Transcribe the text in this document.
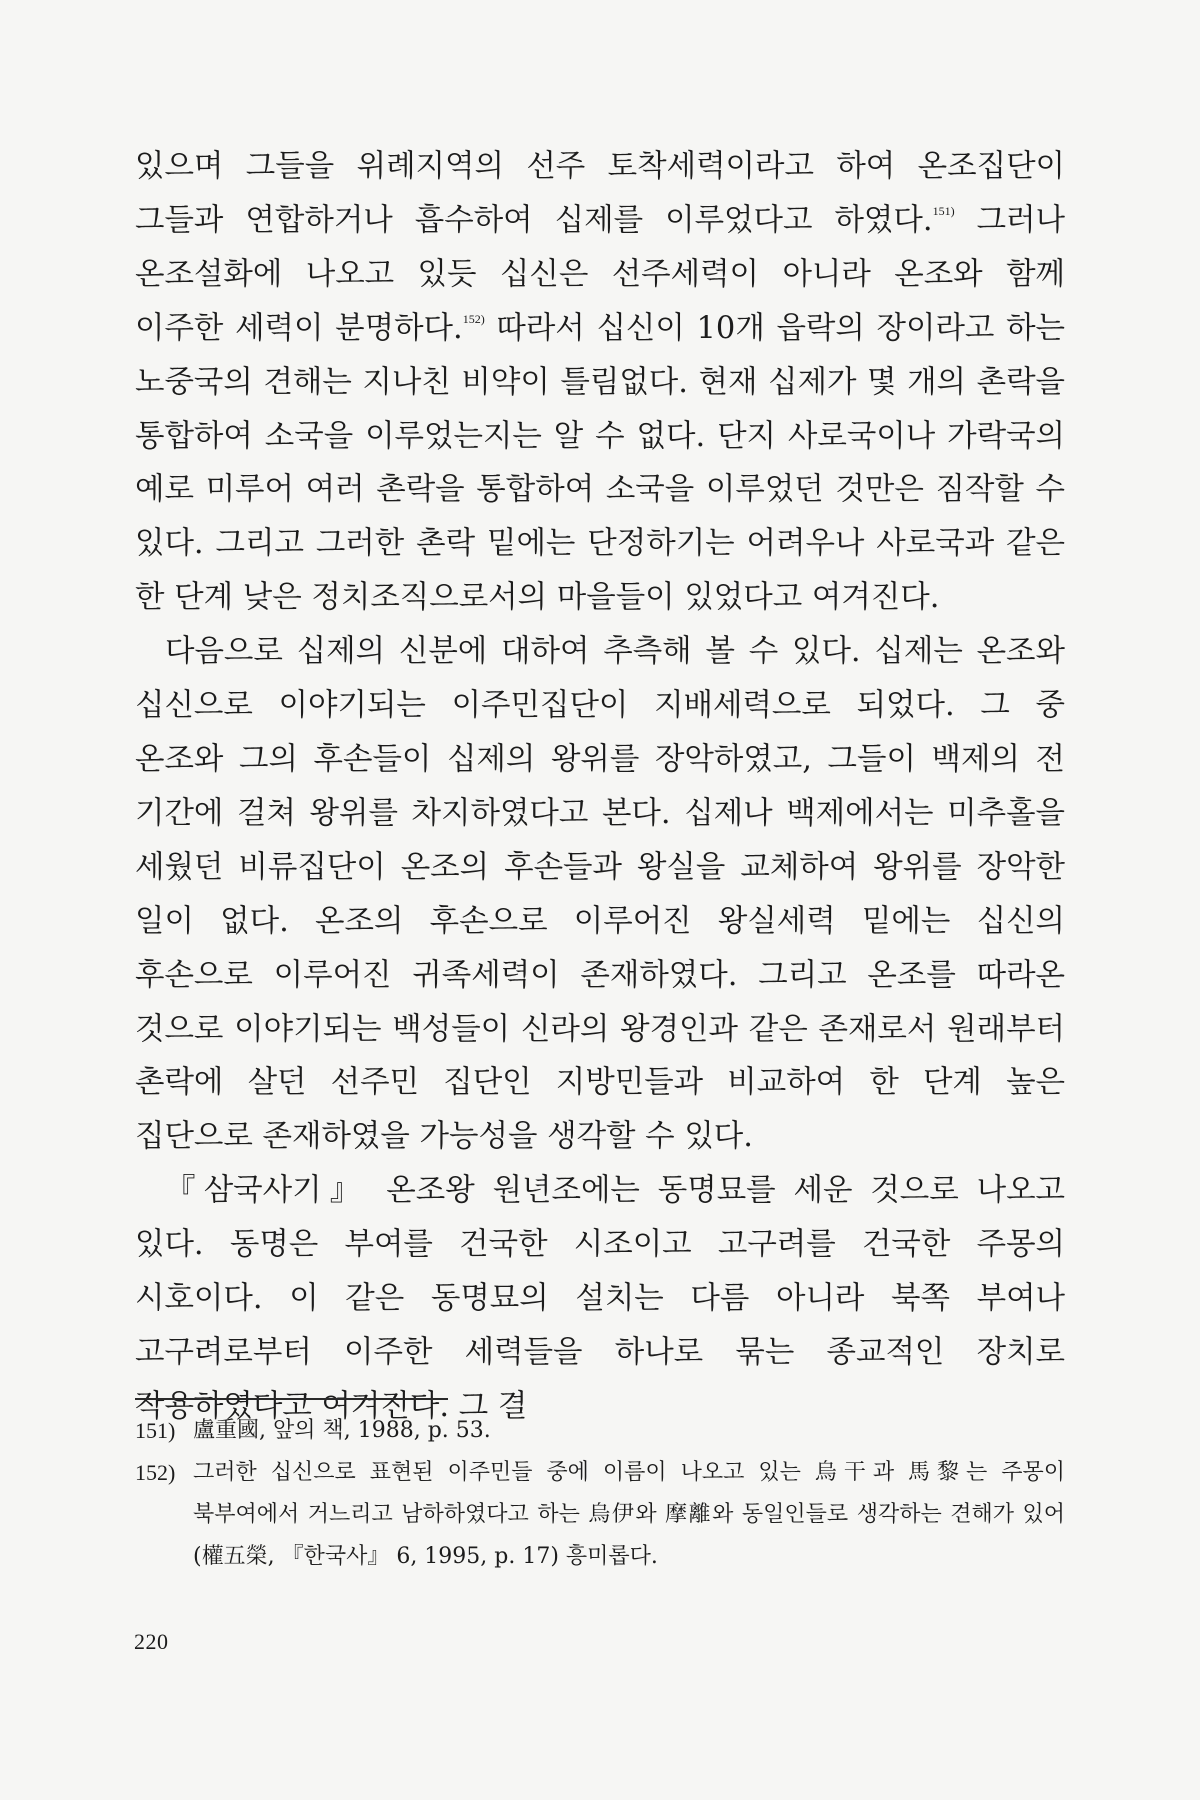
있으며 그들을 위례지역의 선주 토착세력이라고 하여 온조집단이 그들과 연합하거나 흡수하여 십제를 이루었다고 하였다.$^{151)}$ 그러나 온조설화에 나오고 있듯 십신은 선주세력이 아니라 온조와 함께 이주한 세력이 분명하다.$^{152)}$ 따라서 십신이 10개 읍락의 장이라고 하는 노중국의 견해는 지나친 비약이 틀림없다. 현재 십제가 몇 개의 촌락을 통합하여 소국을 이루었는지는 알 수 없다. 단지 사로국이나 가락국의 예로 미루어 여러 촌락을 통합하여 소국을 이루었던 것만은 짐작할 수 있다. 그리고 그러한 촌락 밑에는 단정하기는 어려우나 사로국과 같은 한 단계 낮은 정치조직으로서의 마을들이 있었다고 여겨진다.

다음으로 십제의 신분에 대하여 추측해 볼 수 있다. 십제는 온조와 십신으로 이야기되는 이주민집단이 지배세력으로 되었다. 그 중 온조와 그의 후손들이 십제의 왕위를 장악하였고, 그들이 백제의 전 기간에 걸쳐 왕위를 차지하였다고 본다. 십제나 백제에서는 미추홀을 세웠던 비류집단이 온조의 후손들과 왕실을 교체하여 왕위를 장악한 일이 없다. 온조의 후손으로 이루어진 왕실세력 밑에는 십신의 후손으로 이루어진 귀족세력이 존재하였다. 그리고 온조를 따라온 것으로 이야기되는 백성들이 신라의 왕경인과 같은 존재로서 원래부터 촌락에 살던 선주민 집단인 지방민들과 비교하여 한 단계 높은 집단으로 존재하였을 가능성을 생각할 수 있다.

『삼국사기』 온조왕 원년조에는 동명묘를 세운 것으로 나오고 있다. 동명은 부여를 건국한 시조이고 고구려를 건국한 주몽의 시호이다. 이 같은 동명묘의 설치는 다름 아니라 북쪽 부여나 고구려로부터 이주한 세력들을 하나로 묶는 종교적인 장치로 작용하였다고 여겨진다. 그 결

151) 盧重國, 앞의 책, 1988, p. 53.
152) 그러한 십신으로 표현된 이주민들 중에 이름이 나오고 있는 烏干과 馬黎는 주몽이 북부여에서 거느리고 남하하였다고 하는 烏伊와 摩離와 동일인들로 생각하는 견해가 있어(權五榮, 『한국사』 6, 1995, p. 17) 흥미롭다.
220
